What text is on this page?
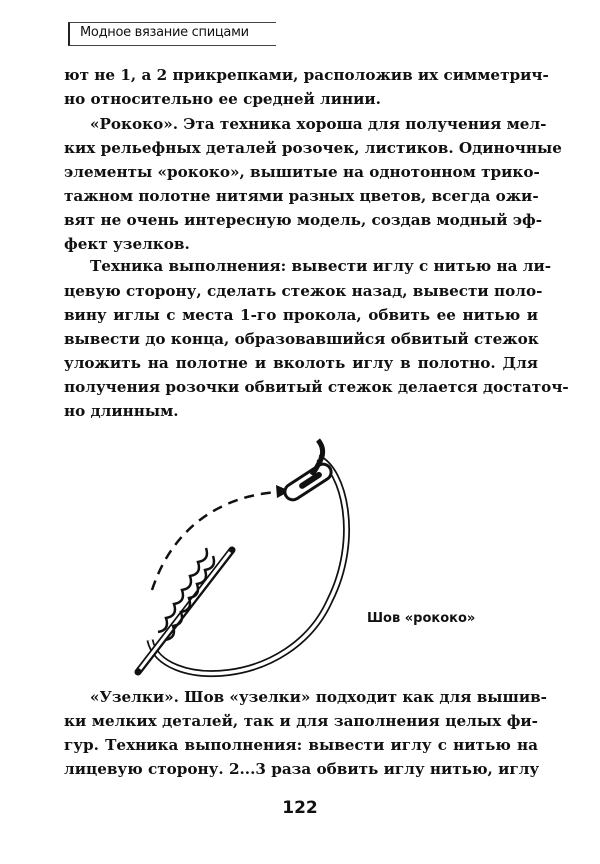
Модное вязание спицами
ют не 1, а 2 прикрепками, расположив их симметрич-
но относительно ее средней линии.
«Рококо». Эта техника хороша для получения мел-
ких рельефных деталей розочек, листиков. Одиночные
элементы «рококо», вышитые на однотонном трико-
тажном полотне нитями разных цветов, всегда ожи-
вят не очень интересную модель, создав модный эф-
фект узелков.
Техника выполнения: вывести иглу с нитью на ли-
цевую сторону, сделать стежок назад, вывести поло-
вину иглы с места 1-го прокола, обвить ее нитью и
вывести до конца, образовавшийся обвитый стежок
уложить на полотне и вколоть иглу в полотно. Для
получения розочки обвитый стежок делается достаточ-
но длинным.
Шов «рококо»
«Узелки». Шов «узелки» подходит как для вышив-
ки мелких деталей, так и для заполнения целых фи-
гур. Техника выполнения: вывести иглу с нитью на
лицевую сторону. 2...3 раза обвить иглу нитью, иглу
122
